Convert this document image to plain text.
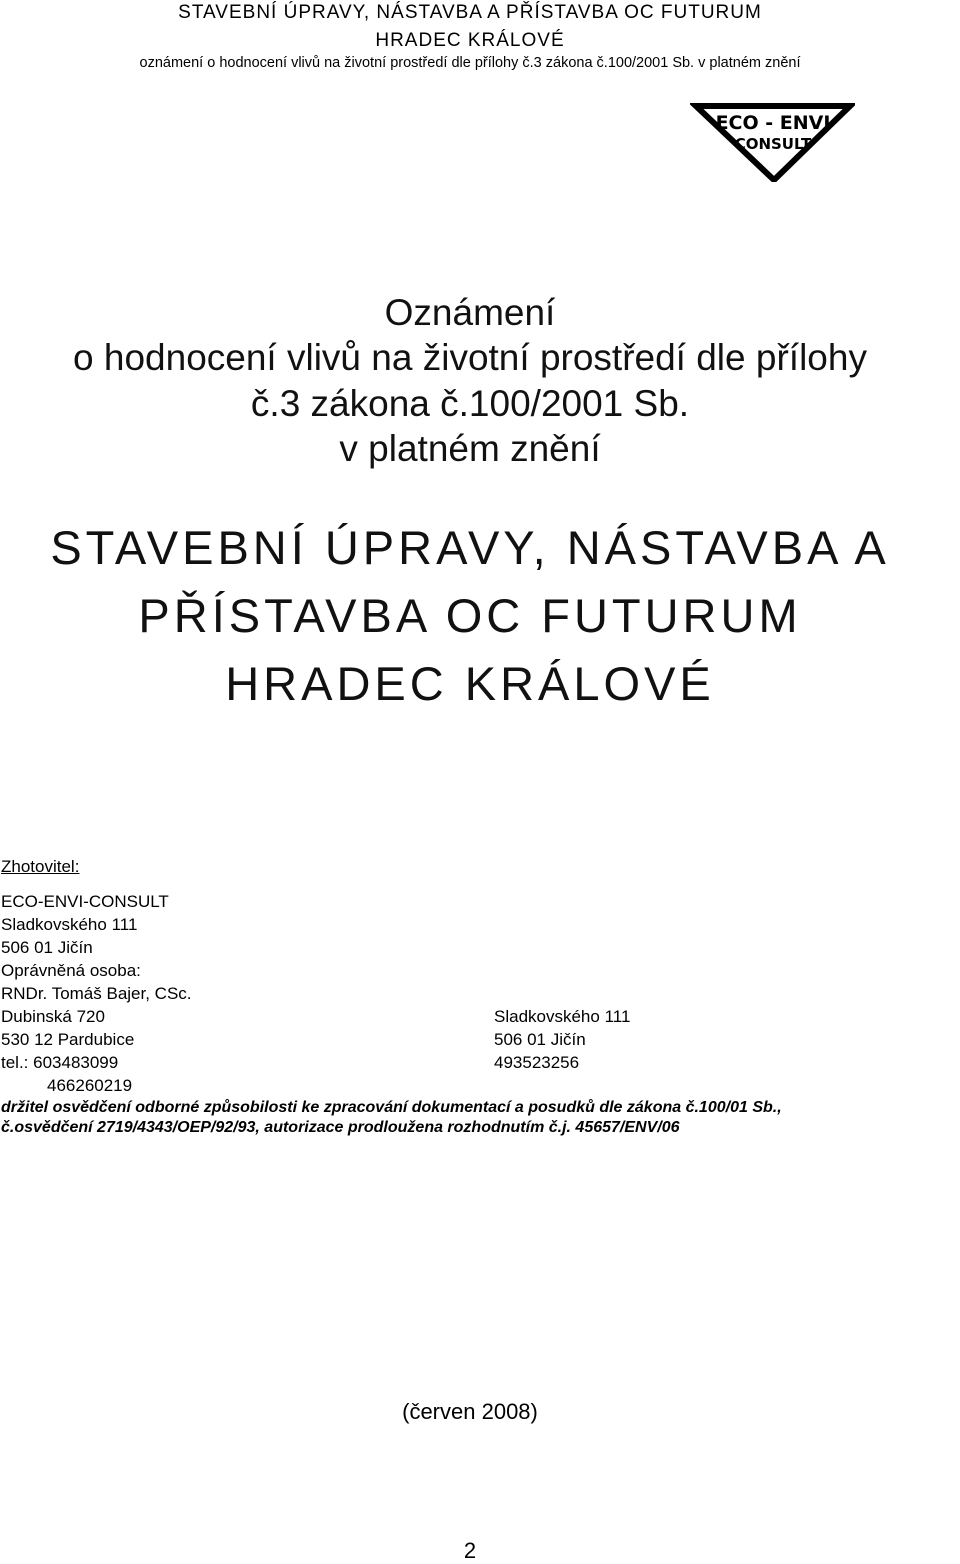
STAVEBNÍ ÚPRAVY, NÁSTAVBA A PŘÍSTAVBA OC FUTURUM
HRADEC KRÁLOVÉ
oznámení o hodnocení vlivů na životní prostředí dle přílohy č.3 zákona č.100/2001 Sb. v platném znění
ECO - ENVI
CONSULT
Oznámení
o hodnocení vlivů na životní prostředí dle přílohy
č.3 zákona č.100/2001 Sb.
v platném znění
STAVEBNÍ ÚPRAVY, NÁSTAVBA A
PŘÍSTAVBA OC FUTURUM
HRADEC KRÁLOVÉ
Zhotovitel:
ECO-ENVI-CONSULT
Sladkovského 111
506 01 Jičín
Oprávněná osoba:
RNDr. Tomáš Bajer, CSc.
Dubinská 720	Sladkovského 111
530 12 Pardubice	506 01 Jičín
tel.: 603483099	493523256
466260219
držitel osvědčení odborné způsobilosti ke zpracování dokumentací a posudků dle zákona č.100/01 Sb.,
č.osvědčení 2719/4343/OEP/92/93, autorizace prodloužena rozhodnutím č.j. 45657/ENV/06
(červen 2008)
2
